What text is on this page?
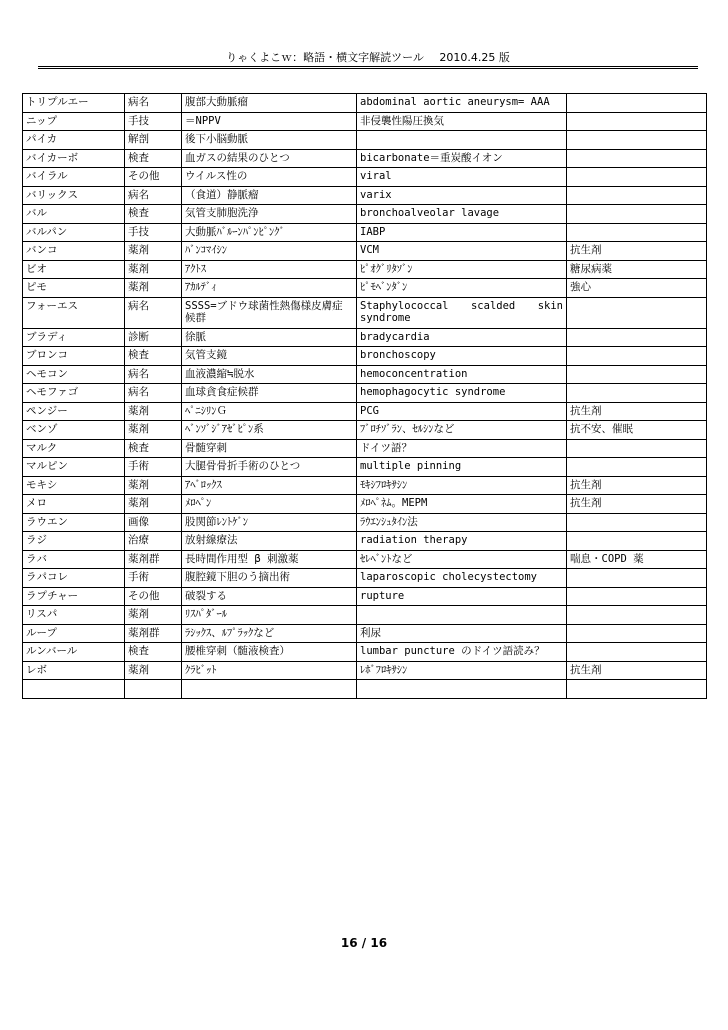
りゃくよこｗ：略語・横文字解読ツール 2010.4.25 版
トリプルエー	病名	腹部大動脈瘤	abdominal aortic aneurysm= AAA	
ニップ	手技	＝NPPV	非侵襲性陽圧換気	
パイカ	解剖	後下小脳動脈		
バイカーボ	検査	血ガスの結果のひとつ	bicarbonate＝重炭酸イオン	
バイラル	その他	ウイルス性の	viral	
バリックス	病名	（食道）静脈瘤	varix	
バル	検査	気管支肺胞洗浄	bronchoalveolar lavage	
バルパン	手技	大動脈ﾊﾞﾙｰﾝﾊﾟﾝﾋﾟﾝｸﾞ	IABP	
バンコ	薬剤	ﾊﾞﾝｺﾏｲｼﾝ	VCM	抗生剤
ビオ	薬剤	ｱｸﾄｽ	ﾋﾟｵｸﾞﾘﾀｿﾞﾝ	糖尿病薬
ピモ	薬剤	ｱｶﾙﾃﾞｨ	ﾋﾟﾓﾍﾞﾝﾀﾞﾝ	強心
フォーエス	病名	SSSS=ブドウ球菌性熱傷様皮膚症候群	Staphylococcal scalded skin syndrome	
ブラディ	診断	徐脈	bradycardia	
ブロンコ	検査	気管支鏡	bronchoscopy	
ヘモコン	病名	血液濃縮≒脱水	hemoconcentration	
ヘモファゴ	病名	血球貪食症候群	hemophagocytic syndrome	
ペンジー	薬剤	ﾍﾟﾆｼﾘﾝＧ	PCG	抗生剤
ベンゾ	薬剤	ﾍﾞﾝｿﾞｼﾞｱｾﾞﾋﾟﾝ系	ﾌﾞﾛﾁｿﾞﾗﾝ、ｾﾙｼﾝなど	抗不安、催眠
マルク	検査	骨髄穿刺	ドイツ語？	
マルピン	手術	大腿骨骨折手術のひとつ	multiple pinning	
モキシ	薬剤	ｱﾍﾞﾛｯｸｽ	ﾓｷｼﾌﾛｷｻｼﾝ	抗生剤
メロ	薬剤	ﾒﾛﾍﾟﾝ	ﾒﾛﾍﾟﾈﾑ。MEPM	抗生剤
ラウエン	画像	股関節ﾚﾝﾄｹﾞﾝ	ﾗｳｴﾝｼｭﾀｲﾝ法	
ラジ	治療	放射線療法	radiation therapy	
ラバ	薬剤群	長時間作用型 β 刺激薬	ｾﾚﾍﾞﾝﾄなど	喘息・COPD 薬
ラパコレ	手術	腹腔鏡下胆のう摘出術	laparoscopic cholecystectomy	
ラプチャー	その他	破裂する	rupture	
リスパ	薬剤	ﾘｽﾊﾟﾀﾞｰﾙ		
ループ	薬剤群	ﾗｼｯｸｽ、ﾙﾌﾟﾗｯｸなど	利尿	
ルンバール	検査	腰椎穿刺（髄液検査）	lumbar puncture のドイツ語読み？	
レボ	薬剤	ｸﾗﾋﾞｯﾄ	ﾚﾎﾞﾌﾛｷｻｼﾝ	抗生剤

16 / 16
